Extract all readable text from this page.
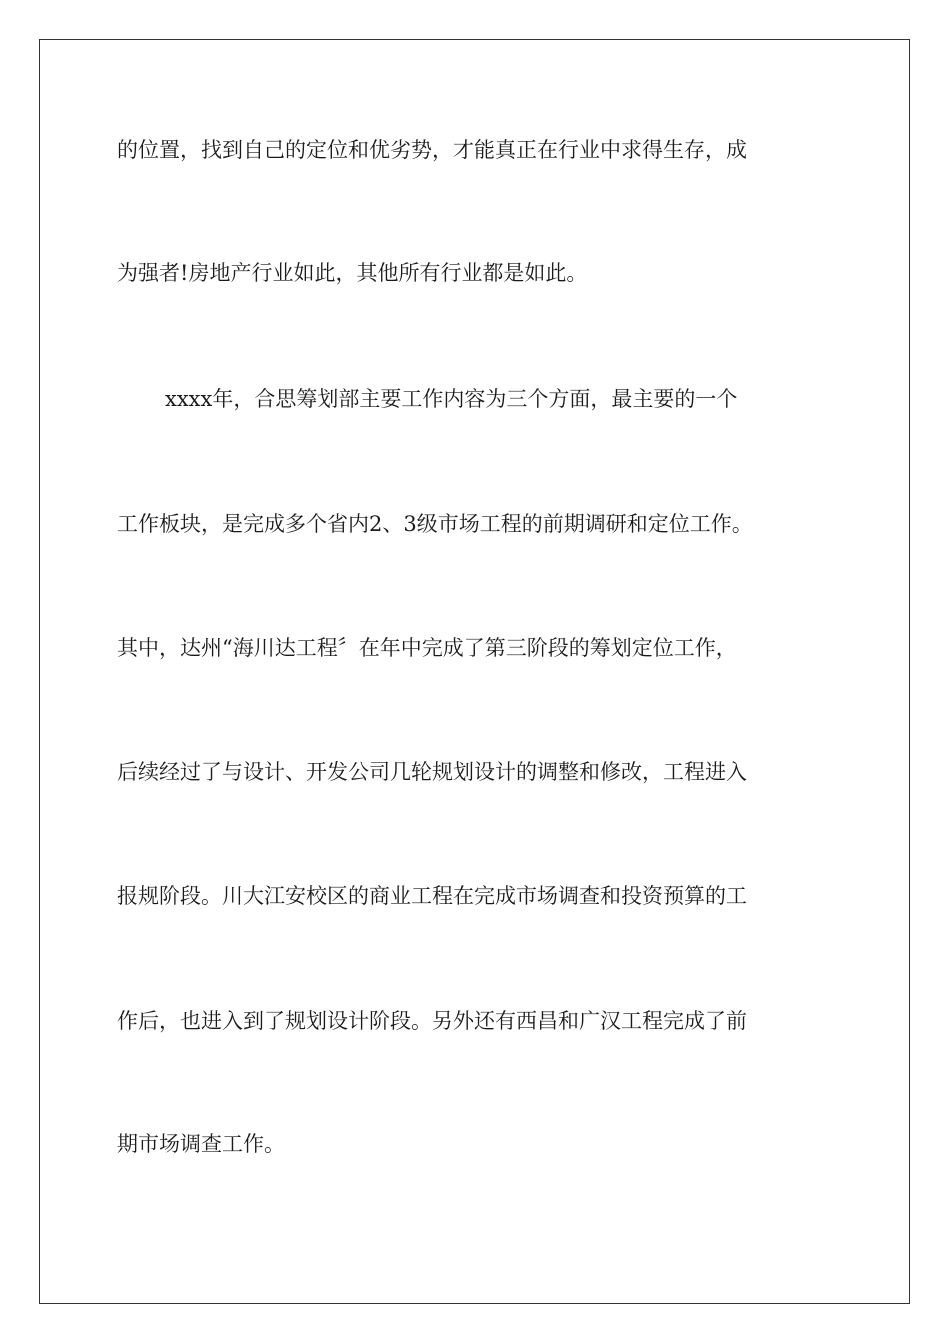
的位置，找到自己的定位和优劣势，才能真正在行业中求得生存，成
为强者!房地产行业如此，其他所有行业都是如此。
xxxx年，合思筹划部主要工作内容为三个方面，最主要的一个
工作板块，是完成多个省内2、3级市场工程的前期调研和定位工作。
其中，达州“海川达工程〞在年中完成了第三阶段的筹划定位工作，
后续经过了与设计、开发公司几轮规划设计的调整和修改，工程进入
报规阶段。川大江安校区的商业工程在完成市场调查和投资预算的工
作后，也进入到了规划设计阶段。另外还有西昌和广汉工程完成了前
期市场调查工作。
